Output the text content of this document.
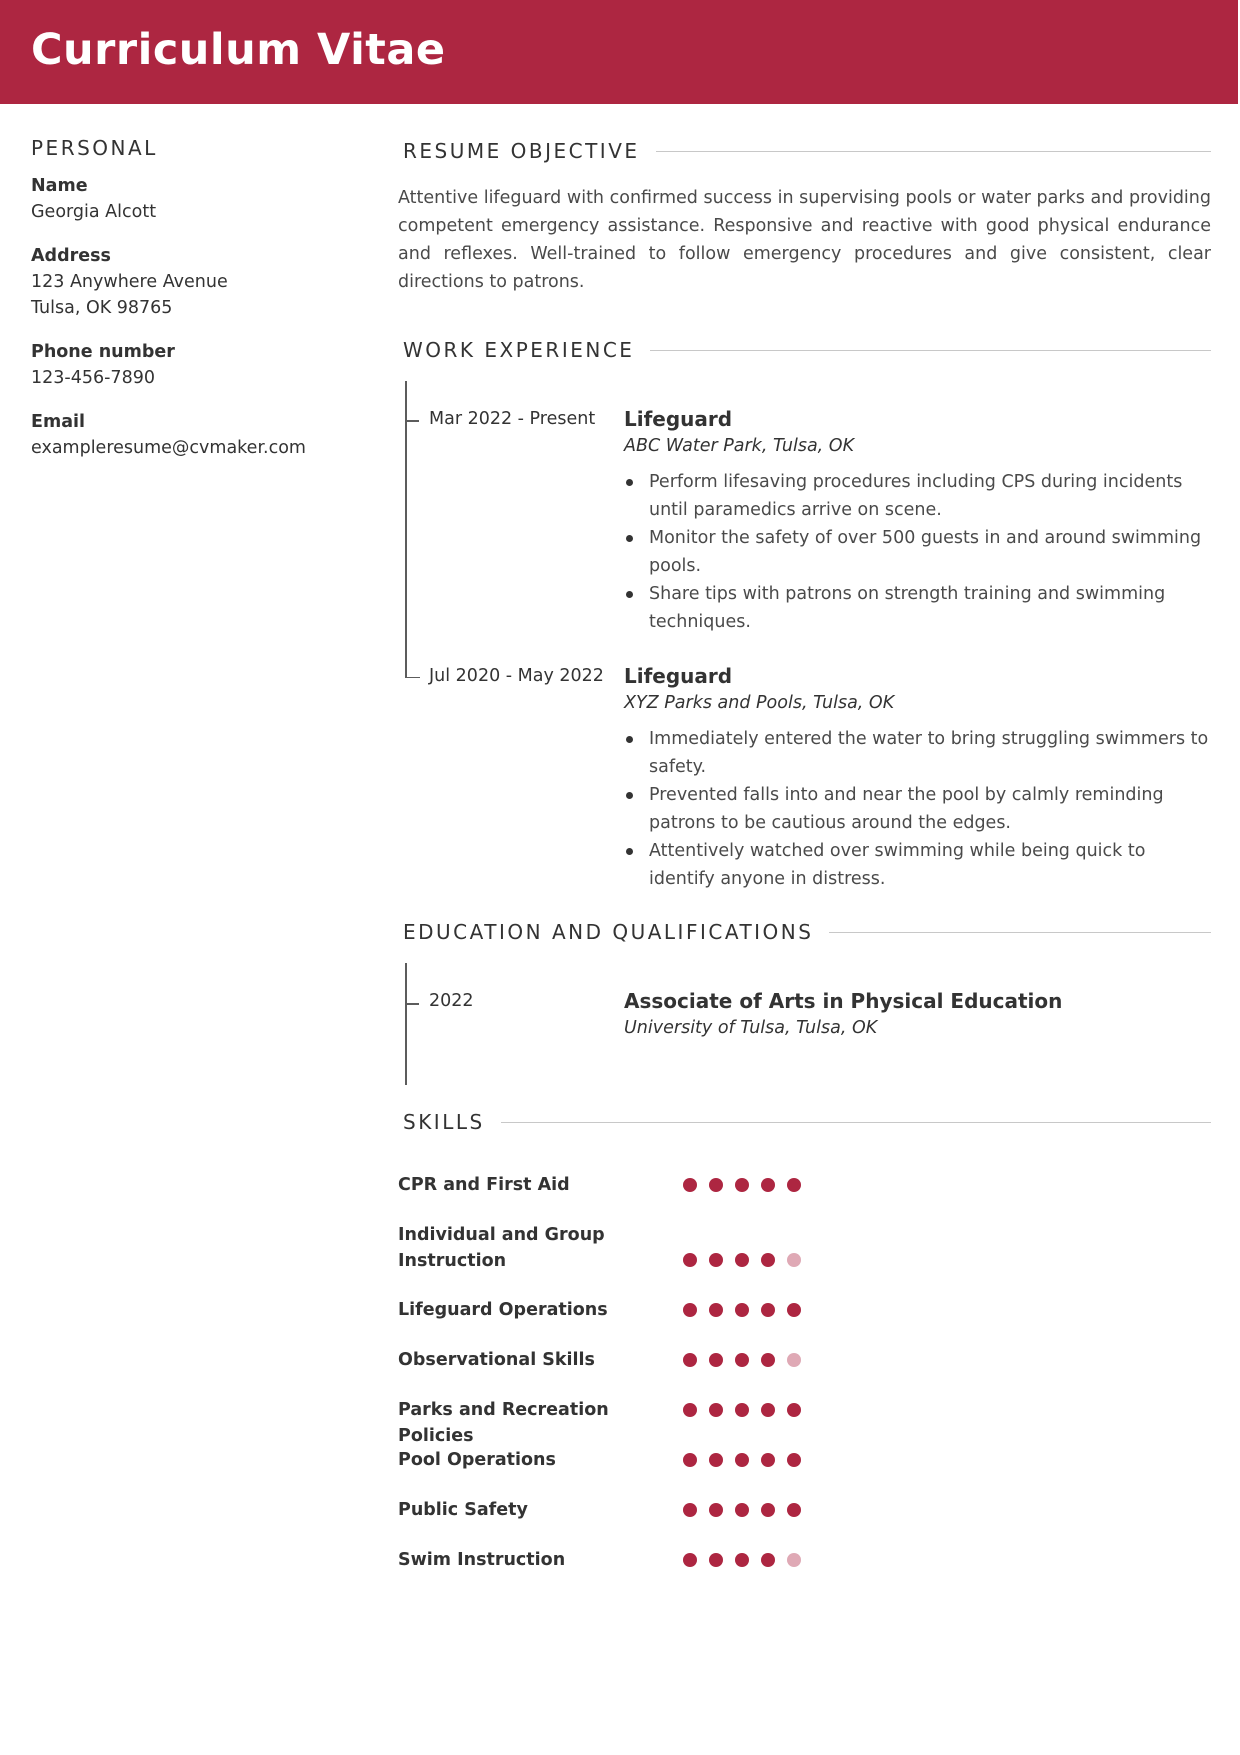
Curriculum Vitae
PERSONAL
Name
Georgia Alcott
Address
123 Anywhere Avenue
Tulsa, OK 98765
Phone number
123-456-7890
Email
exampleresume@cvmaker.com
RESUME OBJECTIVE

Attentive lifeguard with confirmed success in supervising pools or water parks and providing competent emergency assistance. Responsive and reactive with good physical endurance and reflexes. Well-trained to follow emergency procedures and give consistent, clear directions to patrons.

WORK EXPERIENCE
Mar 2022 - Present Lifeguard
ABC Water Park, Tulsa, OK
Perform lifesaving procedures including CPS during incidents until paramedics arrive on scene.
Monitor the safety of over 500 guests in and around swimming pools.
Share tips with patrons on strength training and swimming techniques.
Jul 2020 - May 2022 Lifeguard
XYZ Parks and Pools, Tulsa, OK
Immediately entered the water to bring struggling swimmers to safety.
Prevented falls into and near the pool by calmly reminding patrons to be cautious around the edges.
Attentively watched over swimming while being quick to identify anyone in distress.
EDUCATION AND QUALIFICATIONS
2022	Associate of Arts in Physical Education
University of Tulsa, Tulsa, OK
SKILLS
CPR and First Aid
Individual and Group Instruction
Lifeguard Operations
Observational Skills
Parks and Recreation Policies
Pool Operations
Public Safety
Swim Instruction
